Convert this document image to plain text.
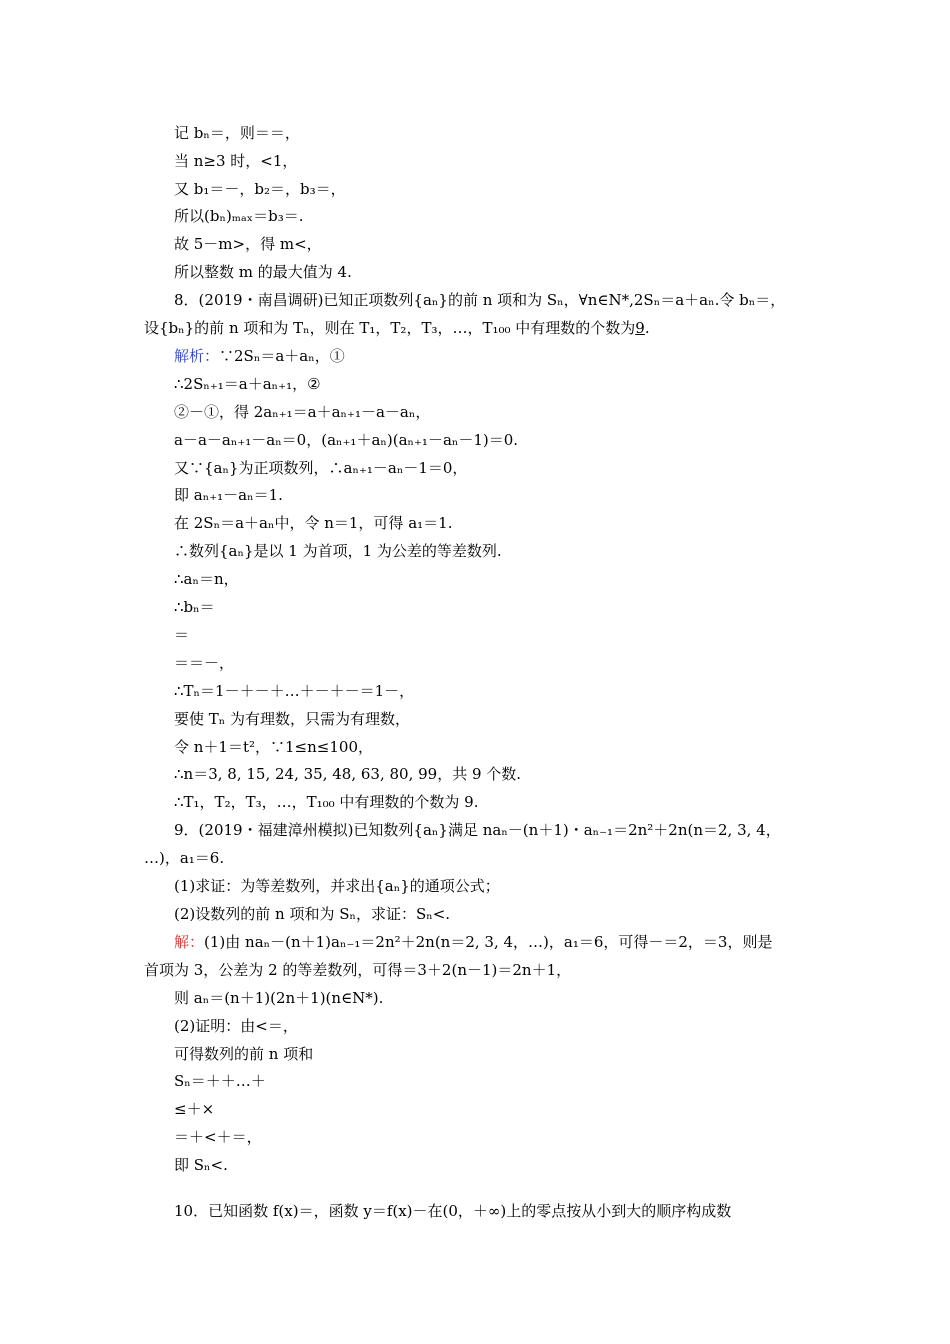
记 bₙ＝，则＝＝，
当 n≥3 时，<1，
又 b₁＝－，b₂＝，b₃＝，
所以(bₙ)ₘₐₓ＝b₃＝.
故 5－m>，得 m<，
所以整数 m 的最大值为 4.
8．(2019・南昌调研)已知正项数列{aₙ}的前 n 项和为 Sₙ，∀n∈N*,2Sₙ＝a＋aₙ.令 bₙ＝，
设{bₙ}的前 n 项和为 Tₙ，则在 T₁，T₂，T₃，…，T₁₀₀ 中有理数的个数为9.
解析：∵2Sₙ＝a＋aₙ，①
∴2Sₙ₊₁＝a＋aₙ₊₁，②
②－①，得 2aₙ₊₁＝a＋aₙ₊₁－a－aₙ，
a－a－aₙ₊₁－aₙ＝0，(aₙ₊₁＋aₙ)(aₙ₊₁－aₙ－1)＝0.
又∵{aₙ}为正项数列，∴aₙ₊₁－aₙ－1＝0，
即 aₙ₊₁－aₙ＝1.
在 2Sₙ＝a＋aₙ中，令 n＝1，可得 a₁＝1.
∴数列{aₙ}是以 1 为首项，1 为公差的等差数列.
∴aₙ＝n，
∴bₙ＝
＝
＝＝－，
∴Tₙ＝1－＋－＋…＋－＋－＝1－，
要使 Tₙ 为有理数，只需为有理数，
令 n＋1＝t²，∵1≤n≤100，
∴n＝3, 8, 15, 24, 35, 48, 63, 80, 99，共 9 个数.
∴T₁，T₂，T₃，…，T₁₀₀ 中有理数的个数为 9.
9．(2019・福建漳州模拟)已知数列{aₙ}满足 naₙ－(n＋1)・aₙ₋₁＝2n²＋2n(n＝2, 3, 4，
…)，a₁＝6.
(1)求证：为等差数列，并求出{aₙ}的通项公式；
(2)设数列的前 n 项和为 Sₙ，求证：Sₙ<.
解：(1)由 naₙ－(n＋1)aₙ₋₁＝2n²＋2n(n＝2, 3, 4，…)，a₁＝6，可得－＝2，＝3，则是
首项为 3，公差为 2 的等差数列，可得＝3＋2(n－1)＝2n＋1，
则 aₙ＝(n＋1)(2n＋1)(n∈N*).
(2)证明：由<＝，
可得数列的前 n 项和
Sₙ＝＋＋…＋
≤＋×
＝＋<＋＝，
即 Sₙ<.
10．已知函数 f(x)＝，函数 y＝f(x)－在(0，＋∞)上的零点按从小到大的顺序构成数
